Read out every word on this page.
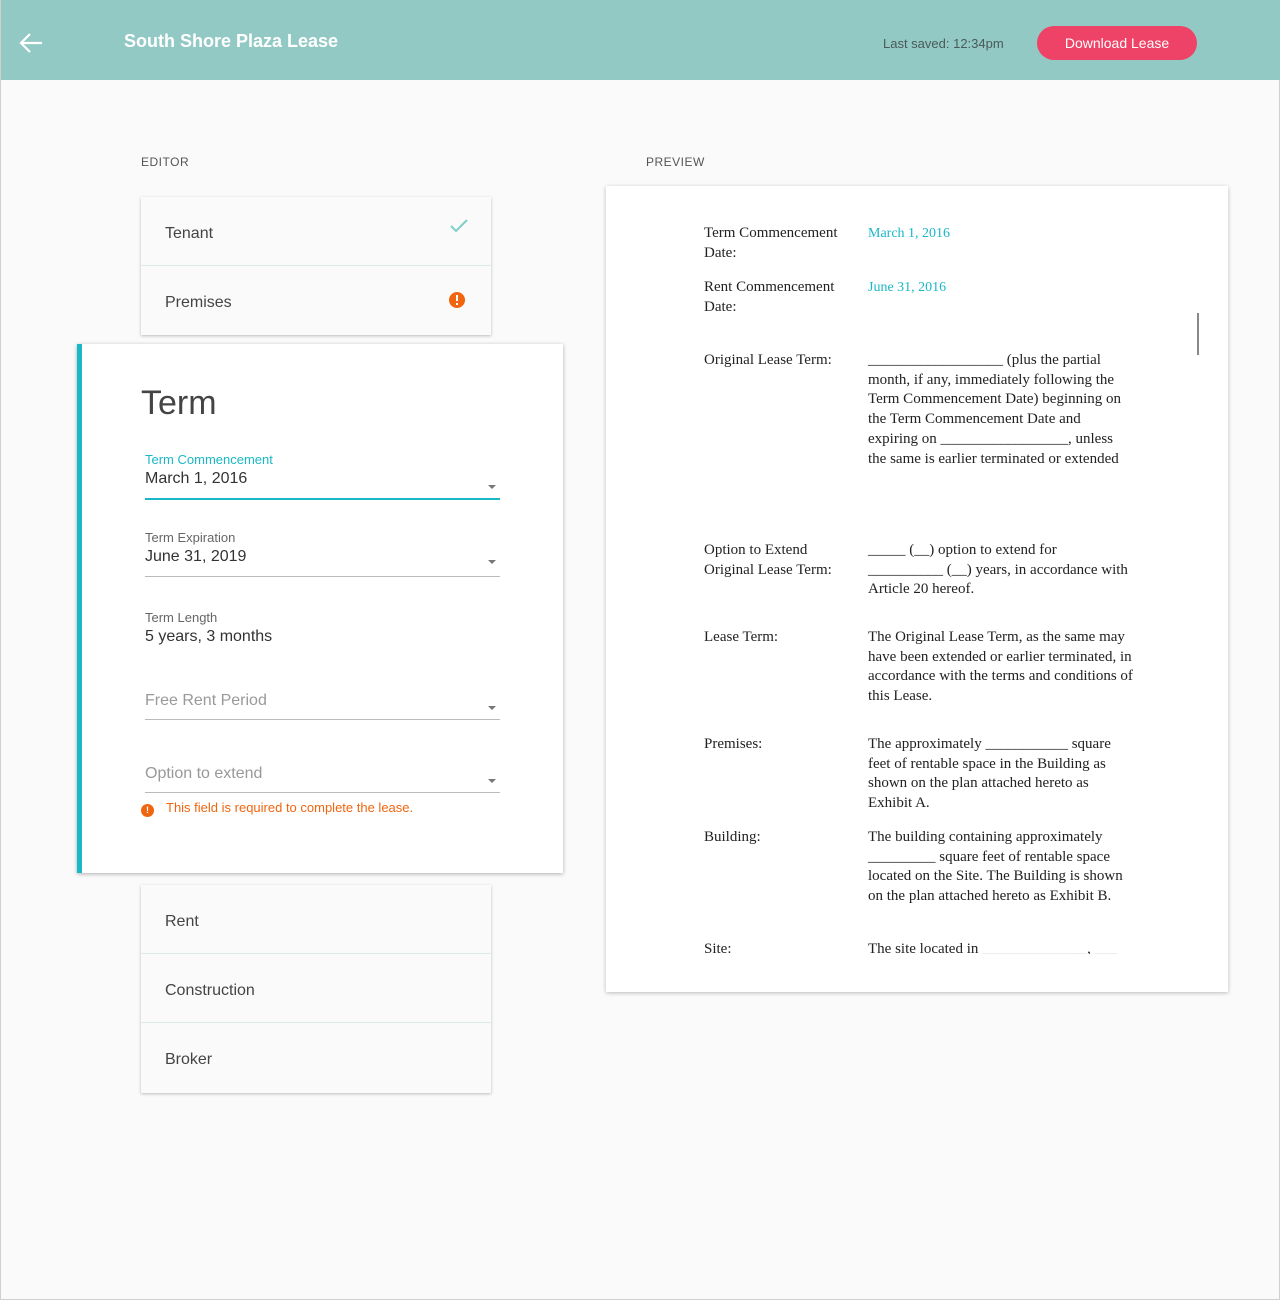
South Shore Plaza Lease	Last saved: 12:34pm	Download Lease
EDITOR	PREVIEW
Tenant
Premises
Term
Term Commencement
March 1, 2016
Term Expiration
June 31, 2019
Term Length
5 years, 3 months
Free Rent Period
Option to extend
! This field is required to complete the lease.
Rent
Construction
Broker
Term Commencement Date:
March 1, 2016
Rent Commencement Date:
June 31, 2016
Original Lease Term:	__________________ (plus the partial month, if any, immediately following the Term Commencement Date) beginning on the Term Commencement Date and expiring on _________________, unless the same is earlier terminated or extended
Option to Extend Original Lease Term:
_____ (__) option to extend for __________ (__) years, in accordance with Article 20 hereof.
Lease Term:	The Original Lease Term, as the same may have been extended or earlier terminated, in accordance with the terms and conditions of this Lease.
Premises:	The approximately ___________ square feet of rentable space in the Building as shown on the plan attached hereto as Exhibit A.
Building:	The building containing approximately _________ square feet of rentable space located on the Site. The Building is shown on the plan attached hereto as Exhibit B.
Site:	The site located in ______________, ___
